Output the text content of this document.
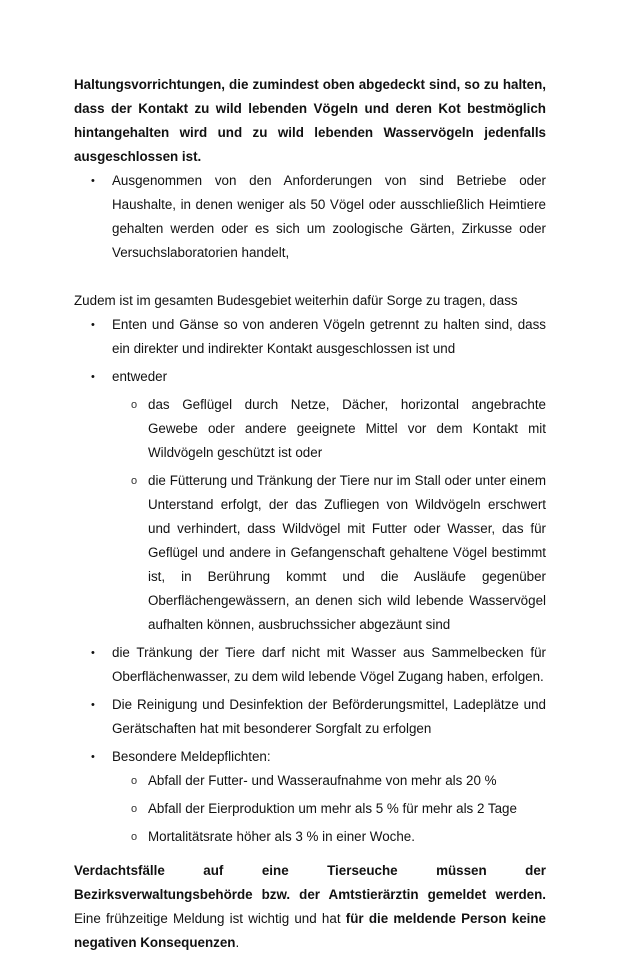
Haltungsvorrichtungen, die zumindest oben abgedeckt sind, so zu halten, dass der Kontakt zu wild lebenden Vögeln und deren Kot bestmöglich hintangehalten wird und zu wild lebenden Wasservögeln jedenfalls ausgeschlossen ist.

• Ausgenommen von den Anforderungen von sind Betriebe oder Haushalte, in denen weniger als 50 Vögel oder ausschließlich Heimtiere gehalten werden oder es sich um zoologische Gärten, Zirkusse oder Versuchslaboratorien handelt,

Zudem ist im gesamten Budesgebiet weiterhin dafür Sorge zu tragen, dass

• Enten und Gänse so von anderen Vögeln getrennt zu halten sind, dass ein direkter und indirekter Kontakt ausgeschlossen ist und
• entweder
o das Geflügel durch Netze, Dächer, horizontal angebrachte Gewebe oder andere geeignete Mittel vor dem Kontakt mit Wildvögeln geschützt ist oder
o die Fütterung und Tränkung der Tiere nur im Stall oder unter einem Unterstand erfolgt, der das Zufliegen von Wildvögeln erschwert und verhindert, dass Wildvögel mit Futter oder Wasser, das für Geflügel und andere in Gefangenschaft gehaltene Vögel bestimmt ist, in Berührung kommt und die Ausläufe gegenüber Oberflächengewässern, an denen sich wild lebende Wasservögel aufhalten können, ausbruchssicher abgezäunt sind
• die Tränkung der Tiere darf nicht mit Wasser aus Sammelbecken für Oberflächenwasser, zu dem wild lebende Vögel Zugang haben, erfolgen.
• Die Reinigung und Desinfektion der Beförderungsmittel, Ladeplätze und Gerätschaften hat mit besonderer Sorgfalt zu erfolgen
• Besondere Meldepflichten:
o Abfall der Futter- und Wasseraufnahme von mehr als 20 %
o Abfall der Eierproduktion um mehr als 5 % für mehr als 2 Tage
o Mortalitätsrate höher als 3 % in einer Woche.

Verdachtsfälle auf eine Tierseuche müssen der Bezirksverwaltungsbehörde bzw. der Amtstierärztin gemeldet werden. Eine frühzeitige Meldung ist wichtig und hat für die meldende Person keine negativen Konsequenzen.
